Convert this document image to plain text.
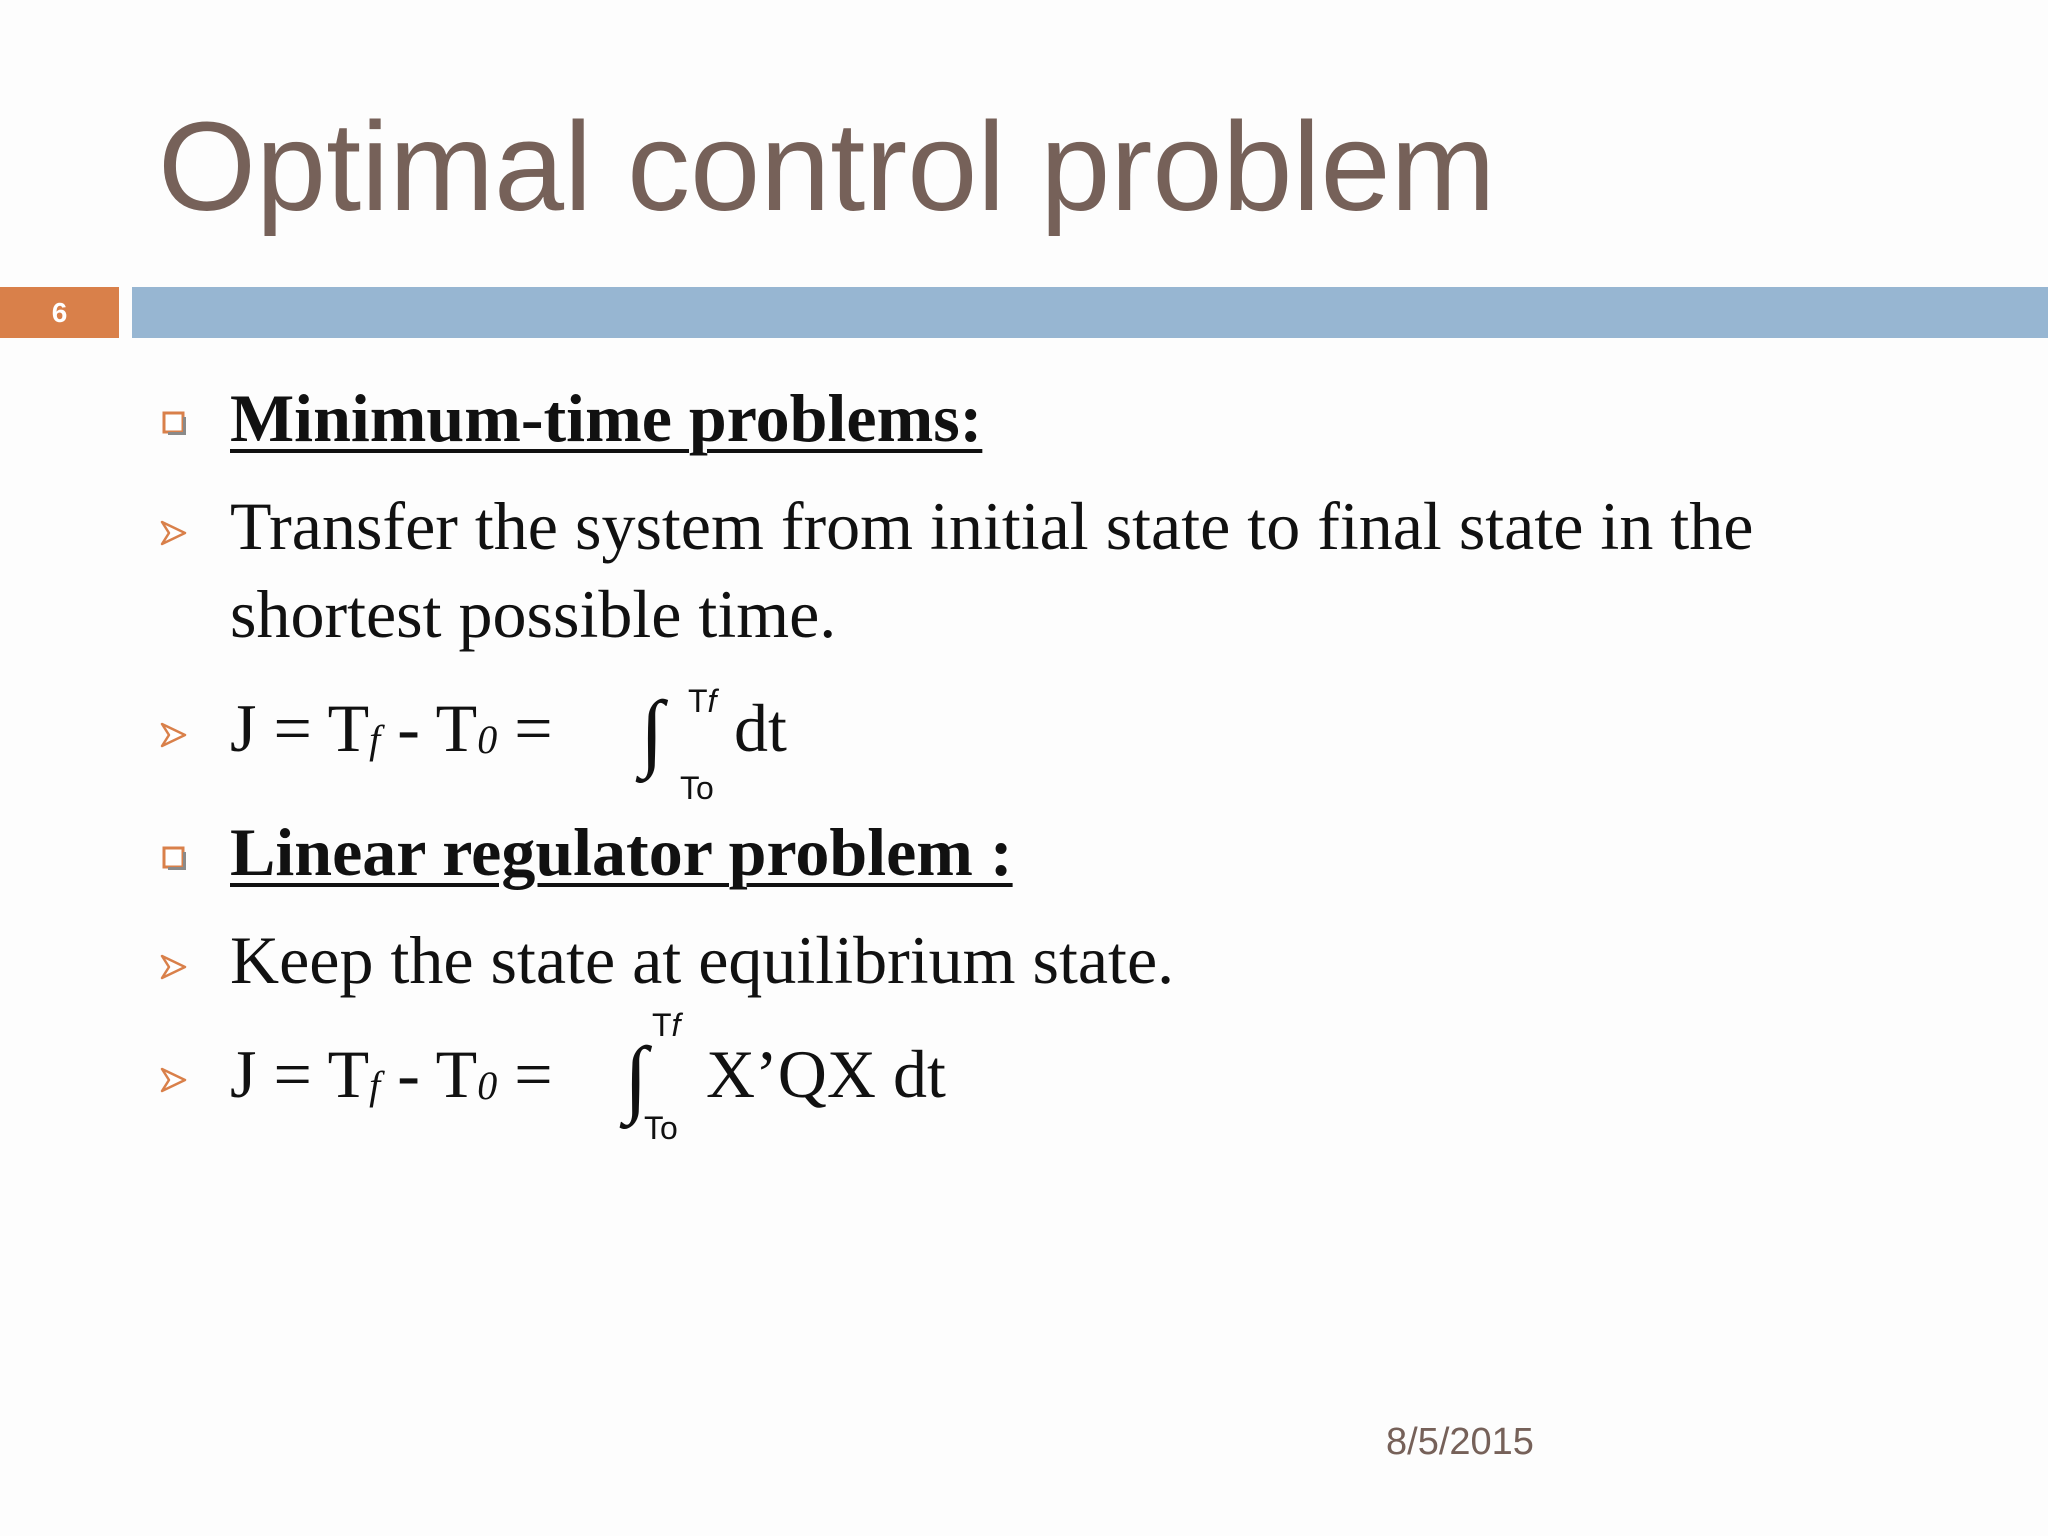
Optimal control problem
6
Minimum-time problems:
Transfer the system from initial state to final state in the
shortest possible time.
J = Tf - T0 = ∫ Tf
To
dt
Linear regulator problem :
Keep the state at equilibrium state.
J = Tf - T0 = ∫
Tf
To
X’QX dt
8/5/2015
